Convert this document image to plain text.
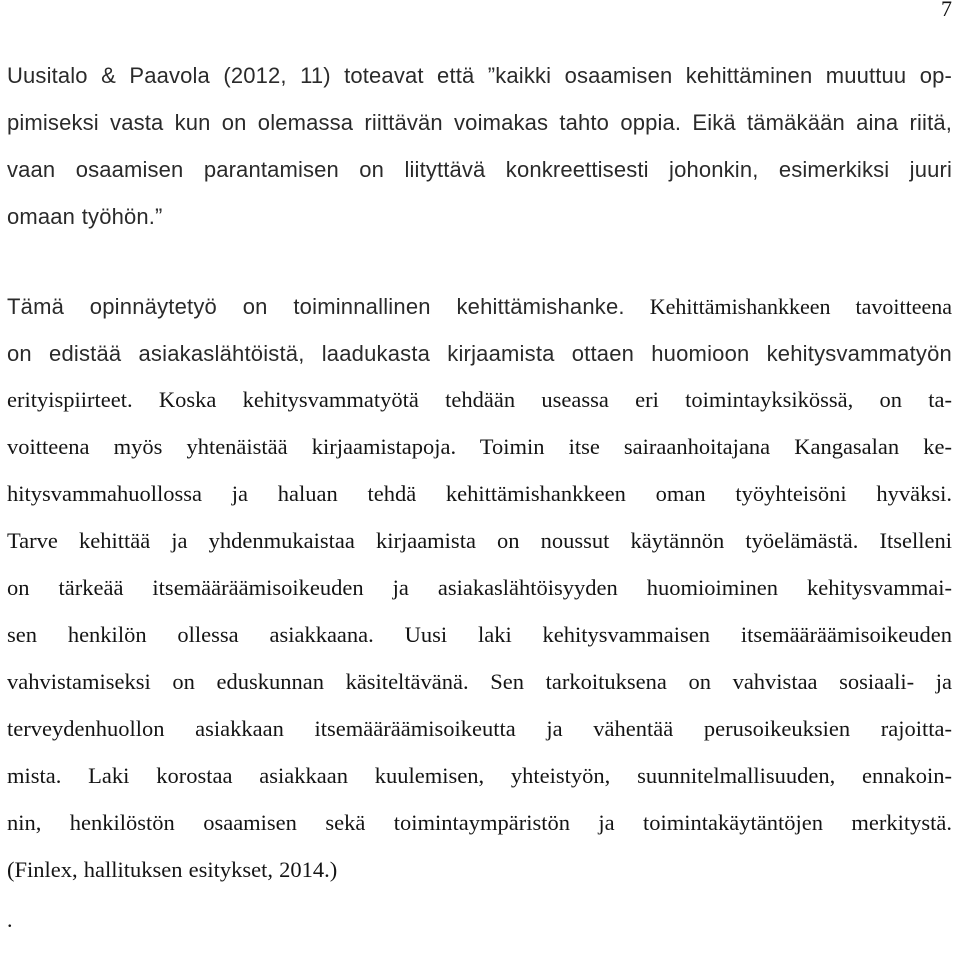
7

Uusitalo & Paavola (2012, 11) toteavat että ”kaikki osaamisen kehittäminen muuttuu op-
pimiseksi vasta kun on olemassa riittävän voimakas tahto oppia. Eikä tämäkään aina riitä,
vaan osaamisen parantamisen on liityttävä konkreettisesti johonkin, esimerkiksi juuri
omaan työhön.”

Tämä opinnäytetyö on toiminnallinen kehittämishanke. Kehittämishankkeen tavoitteena
on edistää asiakaslähtöistä, laadukasta kirjaamista ottaen huomioon kehitysvammatyön

erityispiirteet. Koska kehitysvammatyötä tehdään useassa eri toimintayksikössä, on ta-
voitteena myös yhtenäistää kirjaamistapoja. Toimin itse sairaanhoitajana Kangasalan ke-
hitysvammahuollossa ja haluan tehdä kehittämishankkeen oman työyhteisöni hyväksi.
Tarve kehittää ja yhdenmukaistaa kirjaamista on noussut käytännön työelämästä. Itselleni
on tärkeää itsemääräämisoikeuden ja asiakaslähtöisyyden huomioiminen kehitysvammai-
sen henkilön ollessa asiakkaana. Uusi laki kehitysvammaisen itsemääräämisoikeuden
vahvistamiseksi on eduskunnan käsiteltävänä. Sen tarkoituksena on vahvistaa sosiaali- ja
terveydenhuollon asiakkaan itsemääräämisoikeutta ja vähentää perusoikeuksien rajoitta-
mista. Laki korostaa asiakkaan kuulemisen, yhteistyön, suunnitelmallisuuden, ennakoin-
nin, henkilöstön osaamisen sekä toimintaympäristön ja toimintakäytäntöjen merkitystä.
(Finlex, hallituksen esitykset, 2014.)

.
